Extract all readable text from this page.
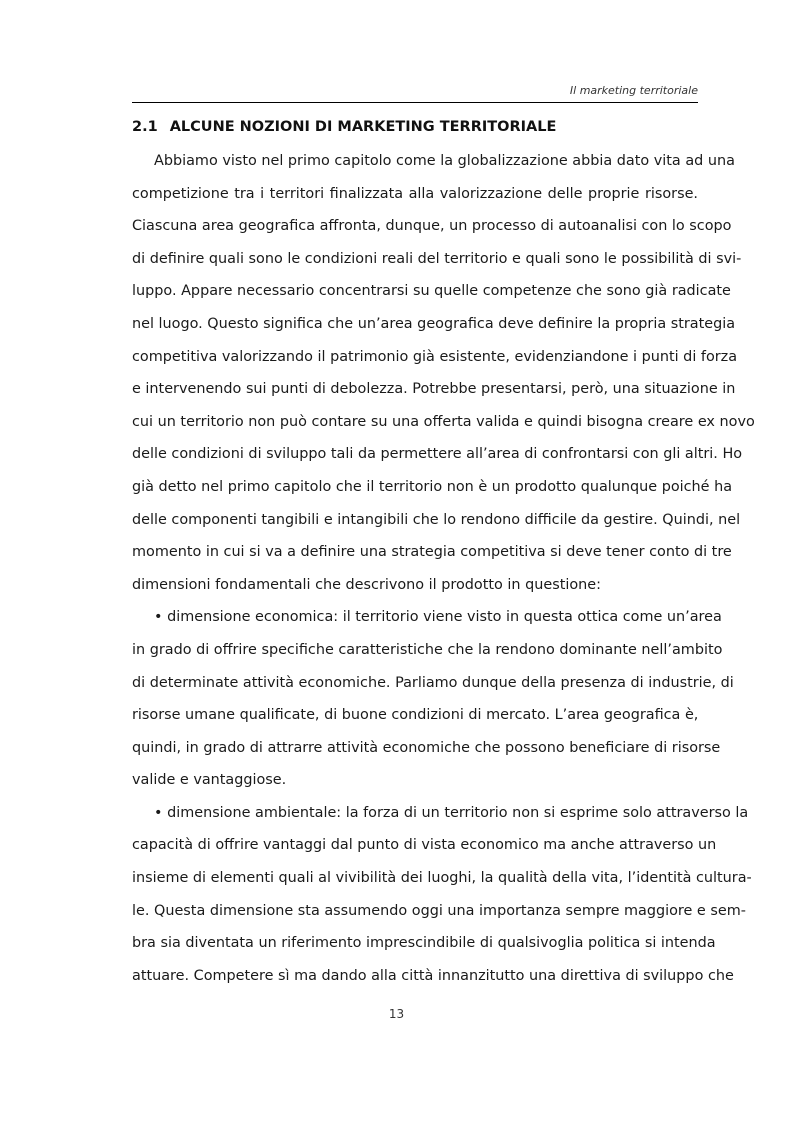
Il marketing territoriale
2.1 ALCUNE NOZIONI DI MARKETING TERRITORIALE
Abbiamo visto nel primo capitolo come la globalizzazione abbia dato vita ad una
competizione tra i territori finalizzata alla valorizzazione delle proprie risorse.
Ciascuna area geografica affronta, dunque, un processo di autoanalisi con lo scopo
di definire quali sono le condizioni reali del territorio e quali sono le possibilità di svi-
luppo. Appare necessario concentrarsi su quelle competenze che sono già radicate
nel luogo. Questo significa che un’area geografica deve definire la propria strategia
competitiva valorizzando il patrimonio già esistente, evidenziandone i punti di forza
e intervenendo sui punti di debolezza. Potrebbe presentarsi, però, una situazione in
cui un territorio non può contare su una offerta valida e quindi bisogna creare ex novo
delle condizioni di sviluppo tali da permettere all’area di confrontarsi con gli altri. Ho
già detto nel primo capitolo che il territorio non è un prodotto qualunque poiché ha
delle componenti tangibili e intangibili che lo rendono difficile da gestire. Quindi, nel
momento in cui si va a definire una strategia competitiva si deve tener conto di tre
dimensioni fondamentali che descrivono il prodotto in questione:
• dimensione economica: il territorio viene visto in questa ottica come un’area
in grado di offrire specifiche caratteristiche che la rendono dominante nell’ambito
di determinate attività economiche. Parliamo dunque della presenza di industrie, di
risorse umane qualificate, di buone condizioni di mercato. L’area geografica è,
quindi, in grado di attrarre attività economiche che possono beneficiare di risorse
valide e vantaggiose.
• dimensione ambientale: la forza di un territorio non si esprime solo attraverso la
capacità di offrire vantaggi dal punto di vista economico ma anche attraverso un
insieme di elementi quali al vivibilità dei luoghi, la qualità della vita, l’identità cultura-
le. Questa dimensione sta assumendo oggi una importanza sempre maggiore e sem-
bra sia diventata un riferimento imprescindibile di qualsivoglia politica si intenda
attuare. Competere sì ma dando alla città innanzitutto una direttiva di sviluppo che
13
